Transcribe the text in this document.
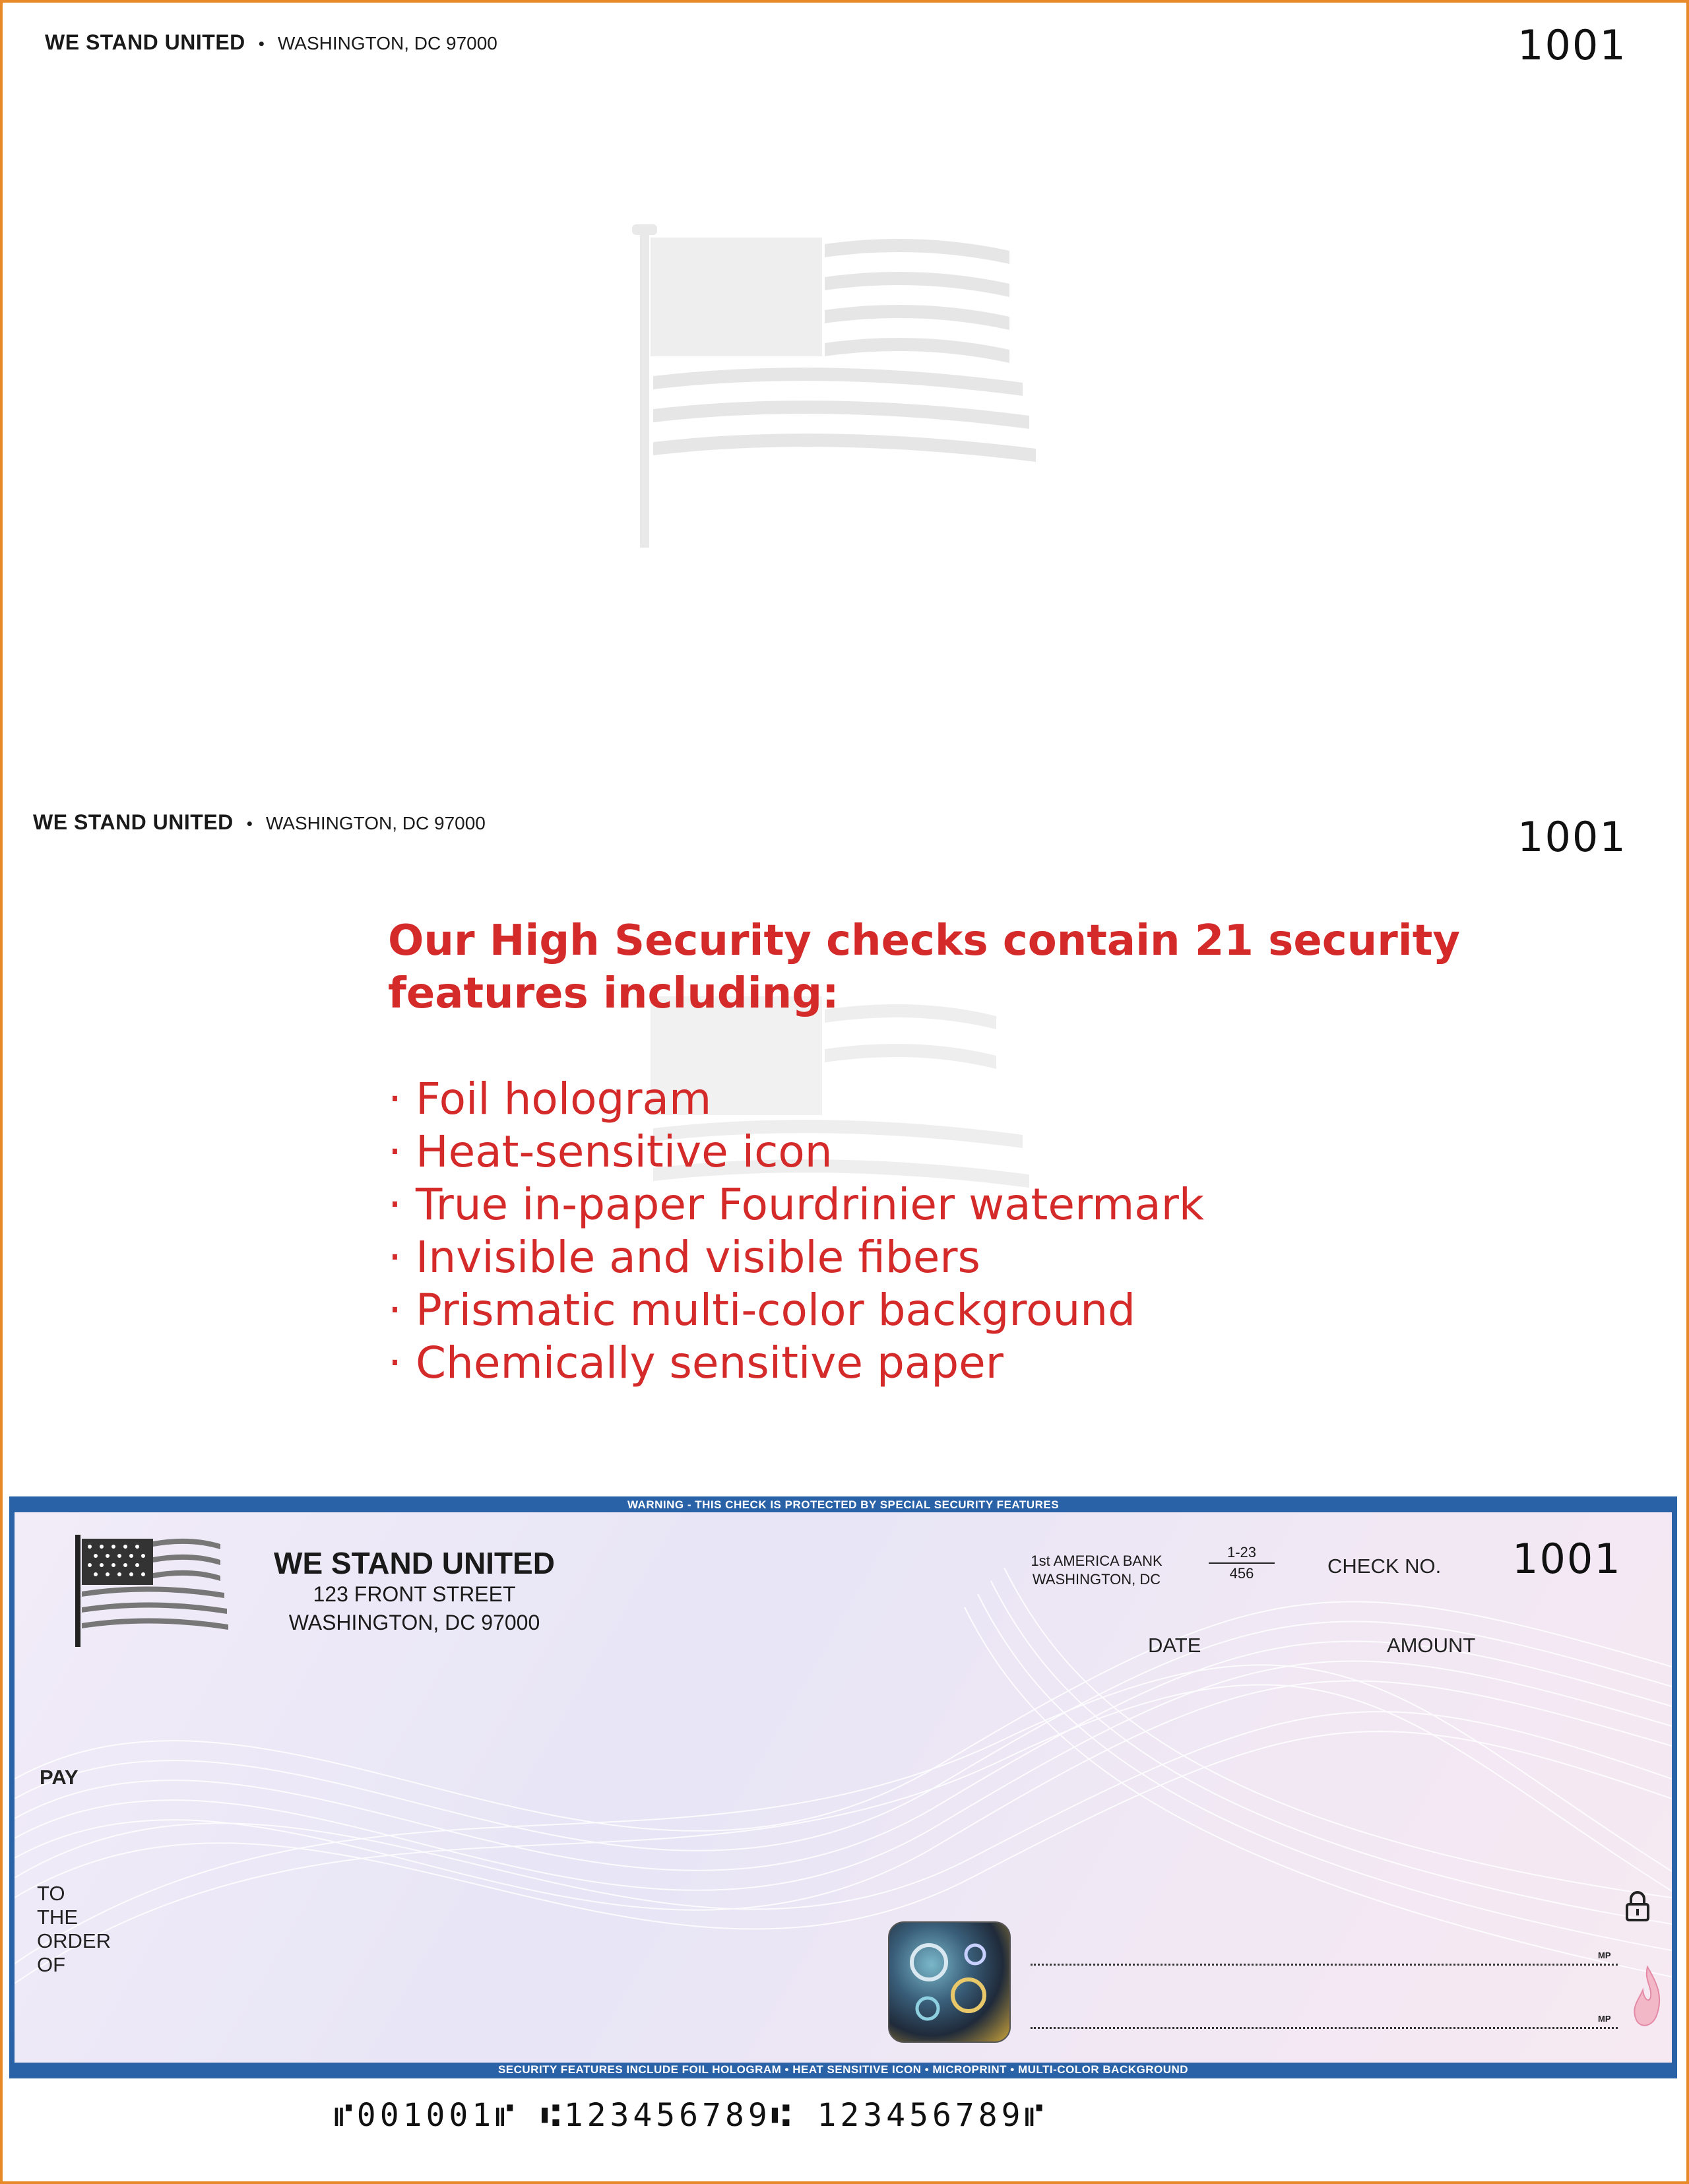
WE STAND UNITED • WASHINGTON, DC 97000	1001
WE STAND UNITED • WASHINGTON, DC 97000	1001
Our High Security checks contain 21 security
features including:
· Foil hologram
· Heat-sensitive icon
· True in-paper Fourdrinier watermark
· Invisible and visible fibers
· Prismatic multi-color background
· Chemically sensitive paper
WE STAND UNITED
123 FRONT STREET
WASHINGTON, DC 97000
1st AMERICA BANK
WASHINGTON, DC
1-23
456	CHECK NO. 1001
DATE	AMOUNT
PAY
TO
THE
ORDER
OF	MP
MP
WARNING - THIS CHECK IS PROTECTED BY SPECIAL SECURITY FEATURES
SECURITY FEATURES INCLUDE FOIL HOLOGRAM • HEAT SENSITIVE ICON • MICROPRINT • MULTI-COLOR BACKGROUND
⑈001001⑈ ⑆123456789⑆ 123456789⑈
